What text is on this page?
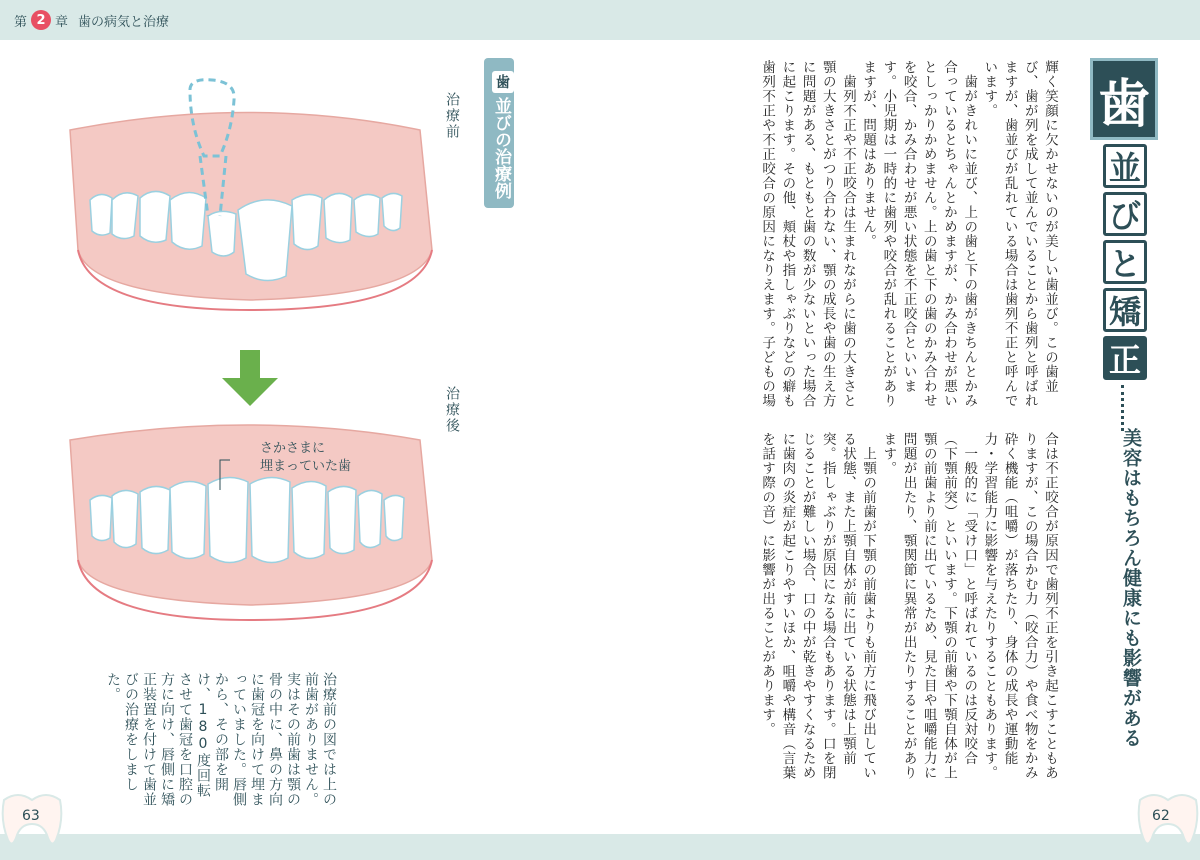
第 2 章 歯の病気と治療
治療前
治療後
さかさまに
埋まっていた歯
歯
並びの治療例
治療前の図では上の前歯がありません。実はその前歯は顎の骨の中に、鼻の方向に歯冠を向けて埋まっていました。唇側から、その部を開け、180度回転させて歯冠を口腔の方に向け、唇側に矯正装置を付けて歯並びの治療をしました。
輝く笑顔に欠かせないのが美しい歯並び。この歯並び、歯が列を成して並んでいることから歯列と呼ばれますが、歯並びが乱れている場合は歯列不正と呼んでいます。
　歯がきれいに並び、上の歯と下の歯がきちんとかみ合っているとちゃんとかめますが、かみ合わせが悪いとしっかりかめません。上の歯と下の歯のかみ合わせを咬合、かみ合わせが悪い状態を不正咬合といいます。小児期は一時的に歯列や咬合が乱れることがありますが、問題はありません。
　歯列不正や不正咬合は生まれながらに歯の大きさと顎の大きさとがつり合わない、顎の成長や歯の生え方に問題がある、もともと歯の数が少ないといった場合に起こります。その他、頬杖や指しゃぶりなどの癖も歯列不正や不正咬合の原因になりえます。子どもの場
合は不正咬合が原因で歯列不正を引き起こすこともありますが、この場合かむ力（咬合力）や食べ物をかみ砕く機能（咀嚼）が落ちたり、身体の成長や運動能力・学習能力に影響を与えたりすることもあります。
　一般的に「受け口」と呼ばれているのは反対咬合（下顎前突）といいます。下顎の前歯や下顎自体が上顎の前歯より前に出ているため、見た目や咀嚼能力に問題が出たり、顎関節に異常が出たりすることがあります。
　上顎の前歯が下顎の前歯よりも前方に飛び出している状態、また上顎自体が前に出ている状態は上顎前突。指しゃぶりが原因になる場合もあります。口を閉じることが難しい場合、口の中が乾きやすくなるために歯肉の炎症が起こりやすいほか、咀嚼や構音（言葉を話す際の音）に影響が出ることがあります。
歯
並
び
と
矯
正
美容はもちろん健康にも影響がある
63	62
